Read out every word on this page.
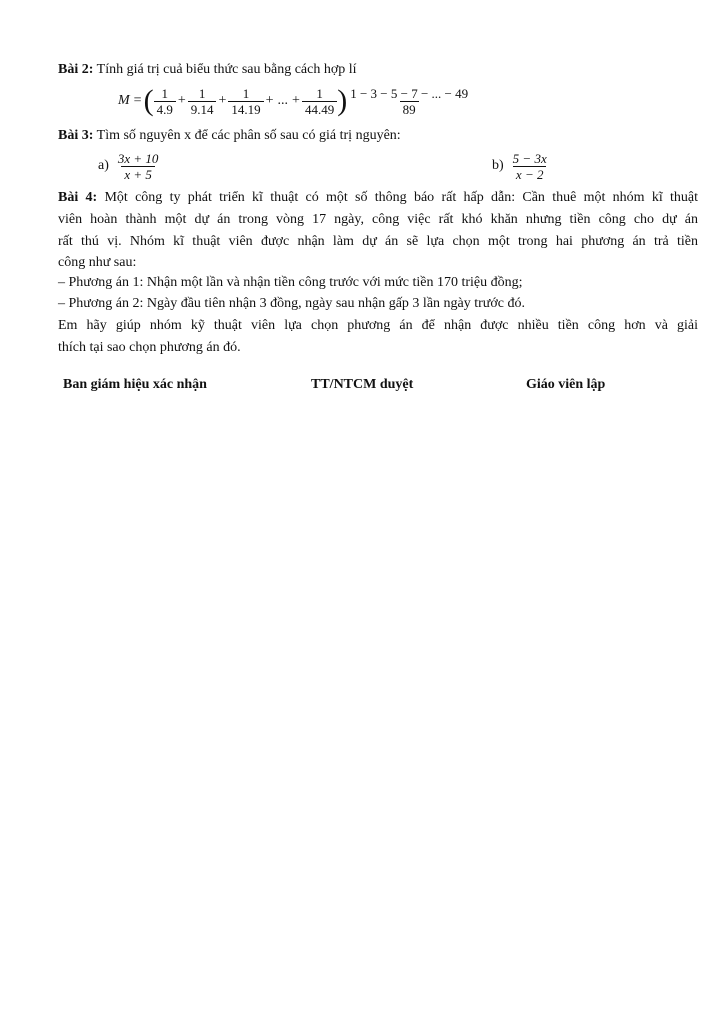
Bài 2: Tính giá trị cuả biểu thức sau bằng cách hợp lí
M = ( $\frac{1}{4.9} + \frac{1}{9.14} + \frac{1}{14.19}$ + ... + $\frac{1}{44.49}$ ) $\frac{1 - 3 - 5 - 7 - ... - 49}{89}$
Bài 3: Tìm số nguyên x để các phân số sau có giá trị nguyên:
$a) \frac{3x + 10}{x + 5}$	$b) \frac{5 - 3x}{x - 2}$
Bài 4: Một công ty phát triển kĩ thuật có một số thông báo rất hấp dẫn: Cần thuê một nhóm kĩ thuật
viên hoàn thành một dự án trong vòng 17 ngày, công việc rất khó khăn nhưng tiền công cho dự án
rất thú vị. Nhóm kĩ thuật viên được nhận làm dự án sẽ lựa chọn một trong hai phương án trả tiền
công như sau:
– Phương án 1: Nhận một lần và nhận tiền công trước với mức tiền 170 triệu đồng;
– Phương án 2: Ngày đầu tiên nhận 3 đồng, ngày sau nhận gấp 3 lần ngày trước đó.
Em hãy giúp nhóm kỹ thuật viên lựa chọn phương án để nhận được nhiều tiền công hơn và giải
thích tại sao chọn phương án đó.
Ban giám hiệu xác nhận	TT/NTCM duyệt	Giáo viên lập
